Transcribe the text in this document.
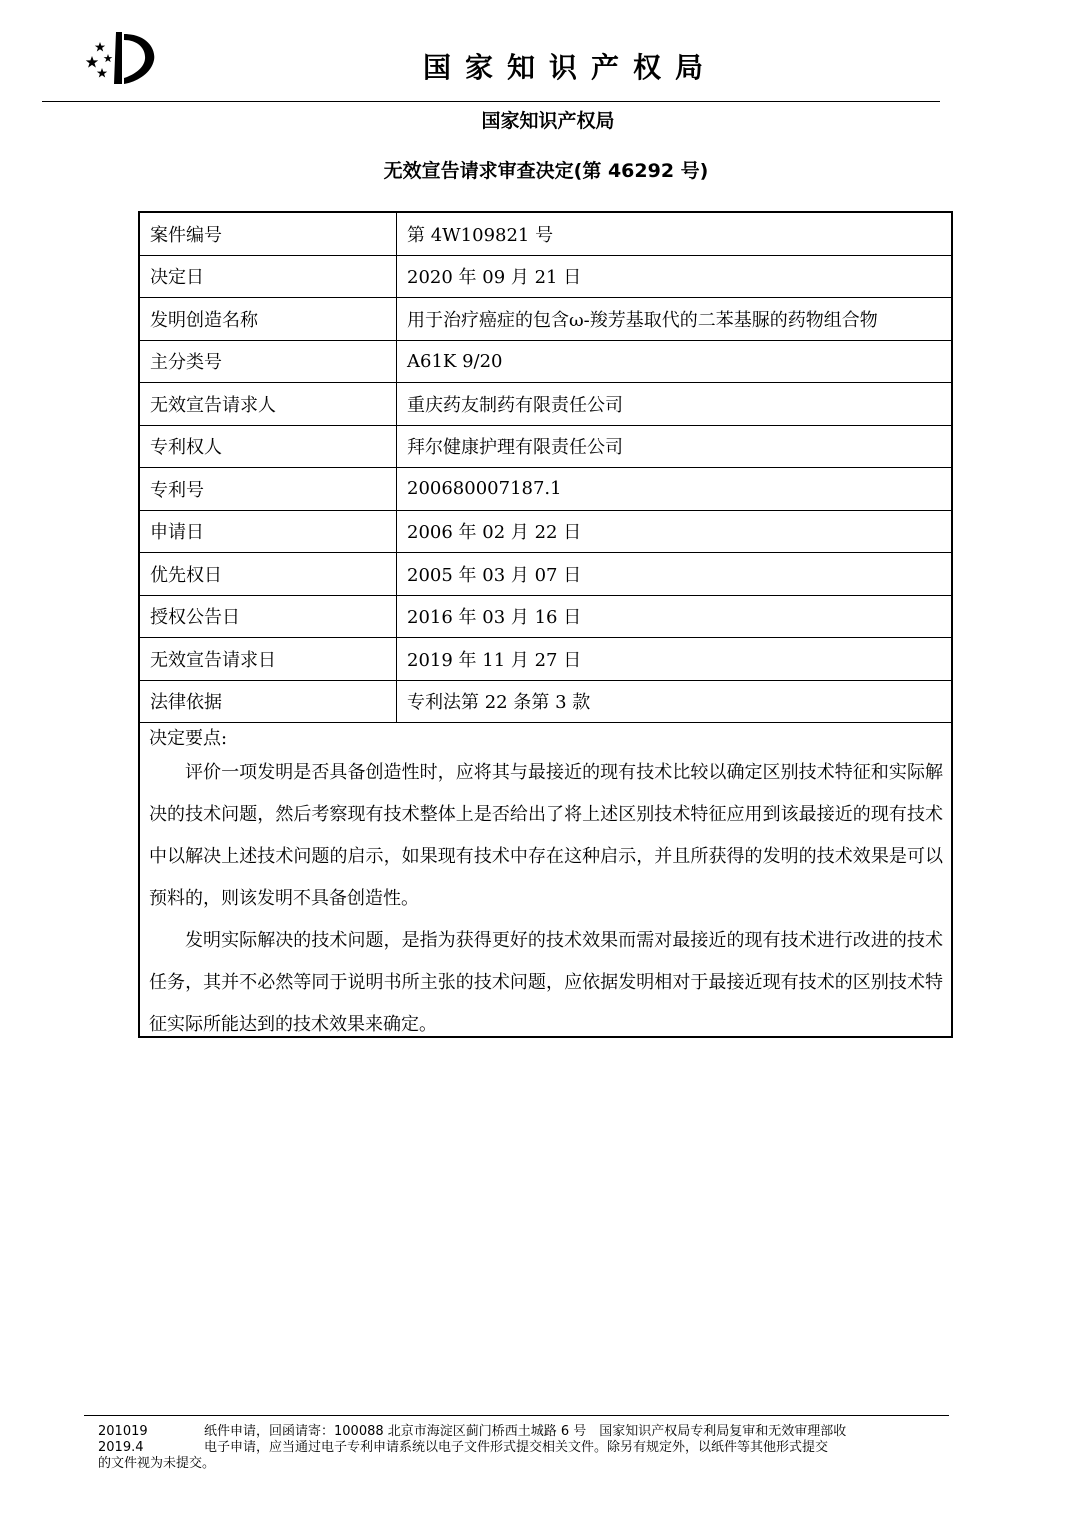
国家知识产权局
国家知识产权局
无效宣告请求审查决定(第 46292 号)
案件编号	第 4W109821 号
决定日	2020 年 09 月 21 日
发明创造名称	用于治疗癌症的包含ω-羧芳基取代的二苯基脲的药物组合物
主分类号	A61K 9/20
无效宣告请求人	重庆药友制药有限责任公司
专利权人	拜尔健康护理有限责任公司
专利号	200680007187.1
申请日	2006 年 02 月 22 日
优先权日	2005 年 03 月 07 日
授权公告日	2016 年 03 月 16 日
无效宣告请求日	2019 年 11 月 27 日
法律依据	专利法第 22 条第 3 款
决定要点:

评价一项发明是否具备创造性时，应将其与最接近的现有技术比较以确定区别技术特征和实际解决的技术问题，然后考察现有技术整体上是否给出了将上述区别技术特征应用到该最接近的现有技术中以解决上述技术问题的启示，如果现有技术中存在这种启示，并且所获得的发明的技术效果是可以预料的，则该发明不具备创造性。

发明实际解决的技术问题，是指为获得更好的技术效果而需对最接近的现有技术进行改进的技术任务，其并不必然等同于说明书所主张的技术问题，应依据发明相对于最接近现有技术的区别技术特征实际所能达到的技术效果来确定。

201019	纸件申请，回函请寄：100088 北京市海淀区蓟门桥西土城路 6 号　国家知识产权局专利局复审和无效审理部收
2019.4	电子申请，应当通过电子专利申请系统以电子文件形式提交相关文件。除另有规定外，以纸件等其他形式提交
的文件视为未提交。
